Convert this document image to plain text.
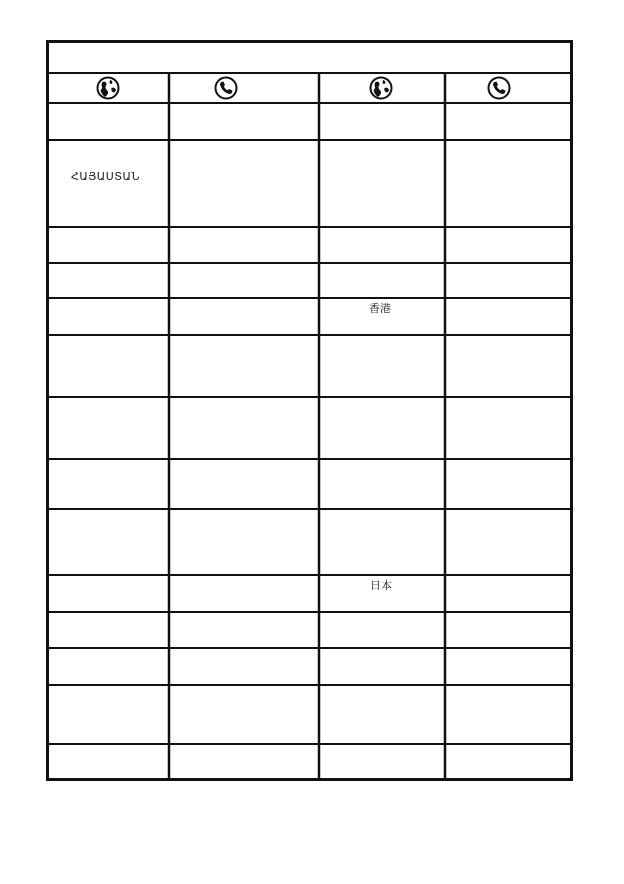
ՀԱՅԱՍՏԱՆ
香港
日本
